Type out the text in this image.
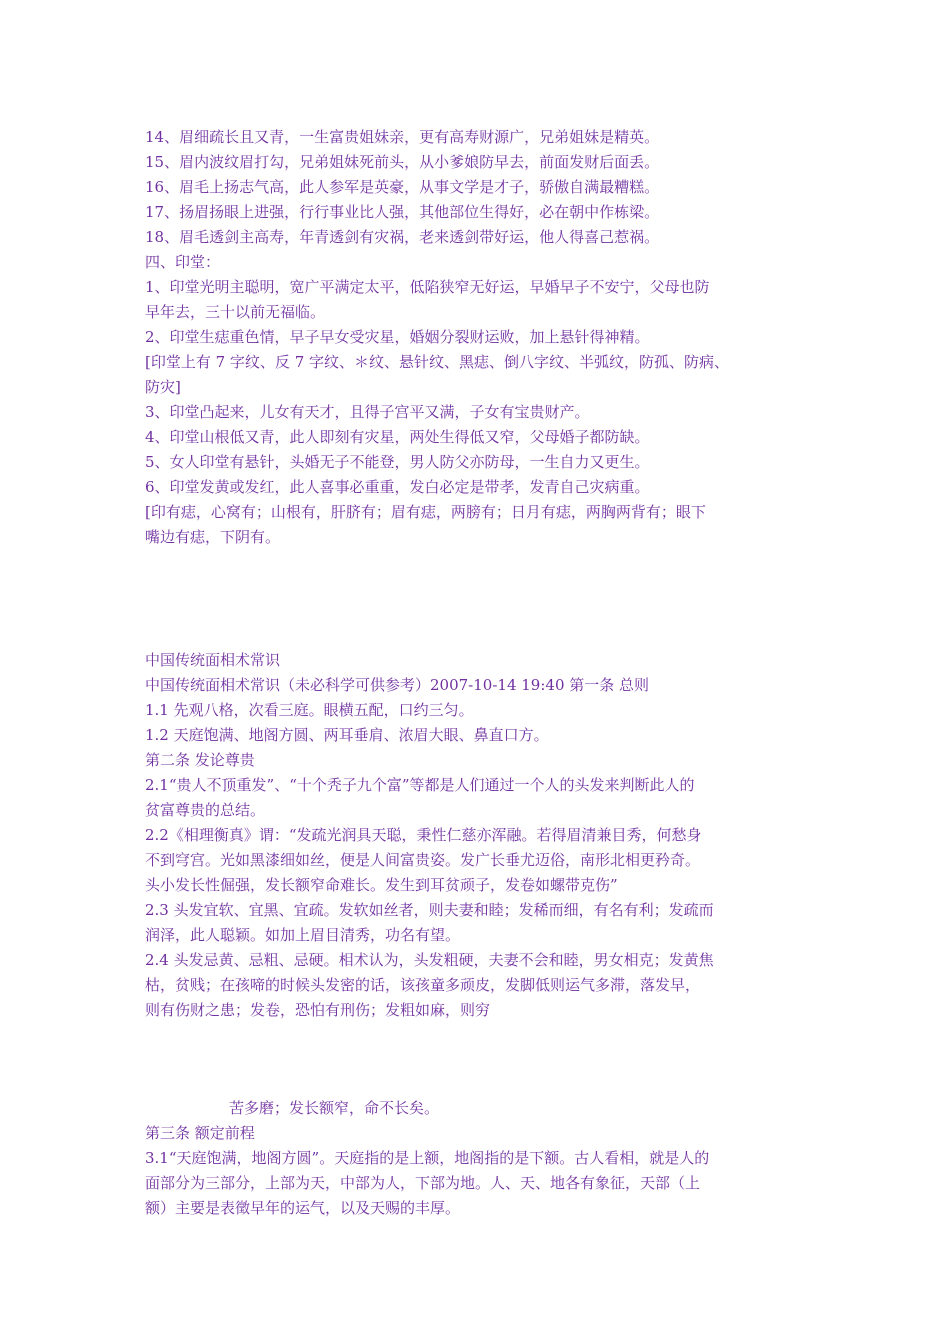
14、眉细疏长且又青，一生富贵姐妹亲，更有高寿财源广，兄弟姐妹是精英。
15、眉内波纹眉打勾，兄弟姐妹死前头，从小爹娘防早去，前面发财后面丢。
16、眉毛上扬志气高，此人参军是英豪，从事文学是才子，骄傲自满最糟糕。
17、扬眉扬眼上进强，行行事业比人强，其他部位生得好，必在朝中作栋梁。
18、眉毛透剑主高寿，年青透剑有灾祸，老来透剑带好运，他人得喜己惹祸。
四、印堂：
1、印堂光明主聪明，宽广平满定太平，低陷狭窄无好运，早婚早子不安宁，父母也防
早年去，三十以前无福临。
2、印堂生痣重色情，早子早女受灾星，婚姻分裂财运败，加上悬针得神精。
[印堂上有 7 字纹、反 7 字纹、＊纹、悬针纹、黑痣、倒八字纹、半弧纹，防孤、防病、
防灾]
3、印堂凸起来，儿女有天才，且得子宫平又满，子女有宝贵财产。
4、印堂山根低又青，此人即刻有灾星，两处生得低又窄，父母婚子都防缺。
5、女人印堂有悬针，头婚无子不能登，男人防父亦防母，一生自力又更生。
6、印堂发黄或发红，此人喜事必重重，发白必定是带孝，发青自己灾病重。
[印有痣，心窝有；山根有，肝脐有；眉有痣，两膀有；日月有痣，两胸两背有；眼下
嘴边有痣，下阴有。
中国传统面相术常识
中国传统面相术常识（未必科学可供参考）2007-10-14 19:40 第一条 总则
1.1 先观八格，次看三庭。眼横五配，口约三匀。
1.2 天庭饱满、地阁方圆、两耳垂肩、浓眉大眼、鼻直口方。
第二条 发论尊贵
2.1“贵人不顶重发”、“十个秃子九个富”等都是人们通过一个人的头发来判断此人的
贫富尊贵的总结。
2.2《相理衡真》谓：“发疏光润具天聪，秉性仁慈亦浑融。若得眉清兼目秀，何愁身
不到穹宫。光如黑漆细如丝，便是人间富贵姿。发广长垂尤迈俗，南形北相更矜奇。
头小发长性倔强，发长额窄命难长。发生到耳贫顽子，发卷如螺带克伤”
2.3 头发宜软、宜黑、宜疏。发软如丝者，则夫妻和睦；发稀而细，有名有利；发疏而
润泽，此人聪颖。如加上眉目清秀，功名有望。
2.4 头发忌黄、忌粗、忌硬。相术认为，头发粗硬，夫妻不会和睦，男女相克；发黄焦
枯，贫贱；在孩啼的时候头发密的话，该孩童多顽皮，发脚低则运气多滞，落发早，
则有伤财之患；发卷，恐怕有刑伤；发粗如麻，则穷
苦多磨；发长额窄，命不长矣。
第三条 额定前程
3.1“天庭饱满，地阁方圆”。天庭指的是上额，地阁指的是下额。古人看相，就是人的
面部分为三部分，上部为天，中部为人，下部为地。人、天、地各有象征，天部（上
额）主要是表徵早年的运气，以及天赐的丰厚。
